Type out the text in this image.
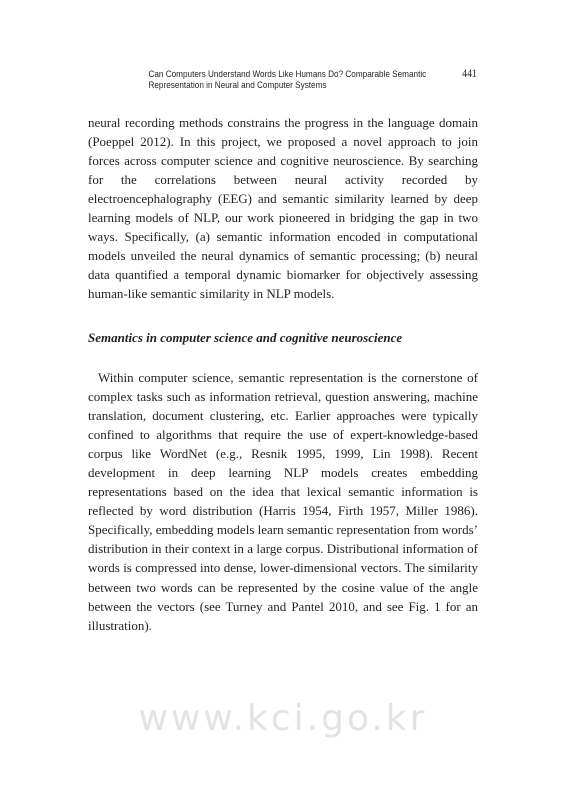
Can Computers Understand Words Like Humans Do? Comparable Semantic Representation in Neural and Computer Systems
441

neural recording methods constrains the progress in the language domain (Poeppel 2012). In this project, we proposed a novel approach to join forces across computer science and cognitive neuroscience. By searching for the correlations between neural activity recorded by electroencephalography (EEG) and semantic similarity learned by deep learning models of NLP, our work pioneered in bridging the gap in two ways. Specifically, (a) semantic information encoded in computational models unveiled the neural dynamics of semantic processing; (b) neural data quantified a temporal dynamic biomarker for objectively assessing human-like semantic similarity in NLP models.

Semantics in computer science and cognitive neuroscience

Within computer science, semantic representation is the cornerstone of complex tasks such as information retrieval, question answering, machine translation, document clustering, etc. Earlier approaches were typically confined to algorithms that require the use of expert-knowledge-based corpus like WordNet (e.g., Resnik 1995, 1999, Lin 1998). Recent development in deep learning NLP models creates embedding representations based on the idea that lexical semantic information is reflected by word distribution (Harris 1954, Firth 1957, Miller 1986). Specifically, embedding models learn semantic representation from words’ distribution in their context in a large corpus. Distributional information of words is compressed into dense, lower-dimensional vectors. The similarity between two words can be represented by the cosine value of the angle between the vectors (see Turney and Pantel 2010, and see Fig. 1 for an illustration).

www.kci.go.kr
